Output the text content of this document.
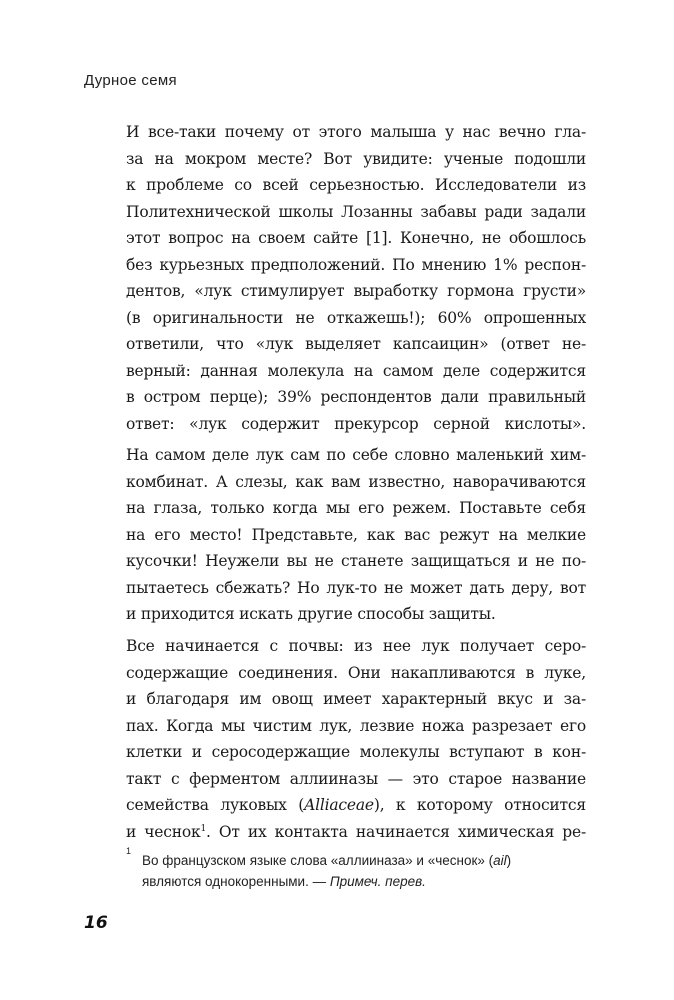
Дурное семя
И все-таки почему от этого малыша у нас вечно гла-
за на мокром месте? Вот увидите: ученые подошли
к проблеме со всей серьезностью. Исследователи из
Политехнической школы Лозанны забавы ради задали
этот вопрос на своем сайте [1]. Конечно, не обошлось
без курьезных предположений. По мнению 1% респон-
дентов, «лук стимулирует выработку гормона грусти»
(в оригинальности не откажешь!); 60% опрошенных
ответили, что «лук выделяет капсаицин» (ответ не-
верный: данная молекула на самом деле содержится
в остром перце); 39% респондентов дали правильный
ответ: «лук содержит прекурсор серной кислоты».
На самом деле лук сам по себе словно маленький хим-
комбинат. А слезы, как вам известно, наворачиваются
на глаза, только когда мы его режем. Поставьте себя
на его место! Представьте, как вас режут на мелкие
кусочки! Неужели вы не станете защищаться и не по-
пытаетесь сбежать? Но лук-то не может дать деру, вот
и приходится искать другие способы защиты.
Все начинается с почвы: из нее лук получает серо-
содержащие соединения. Они накапливаются в луке,
и благодаря им овощ имеет характерный вкус и за-
пах. Когда мы чистим лук, лезвие ножа разрезает его
клетки и серосодержащие молекулы вступают в кон-
такт с ферментом аллииназы — это старое название
семейства луковых (Alliaceae), к которому относится
и чеснок$^1$. От их контакта начинается химическая ре-
1
Во французском языке слова «аллииназа» и «чеснок» (ail)
являются однокоренными. — Примеч. перев.
16
